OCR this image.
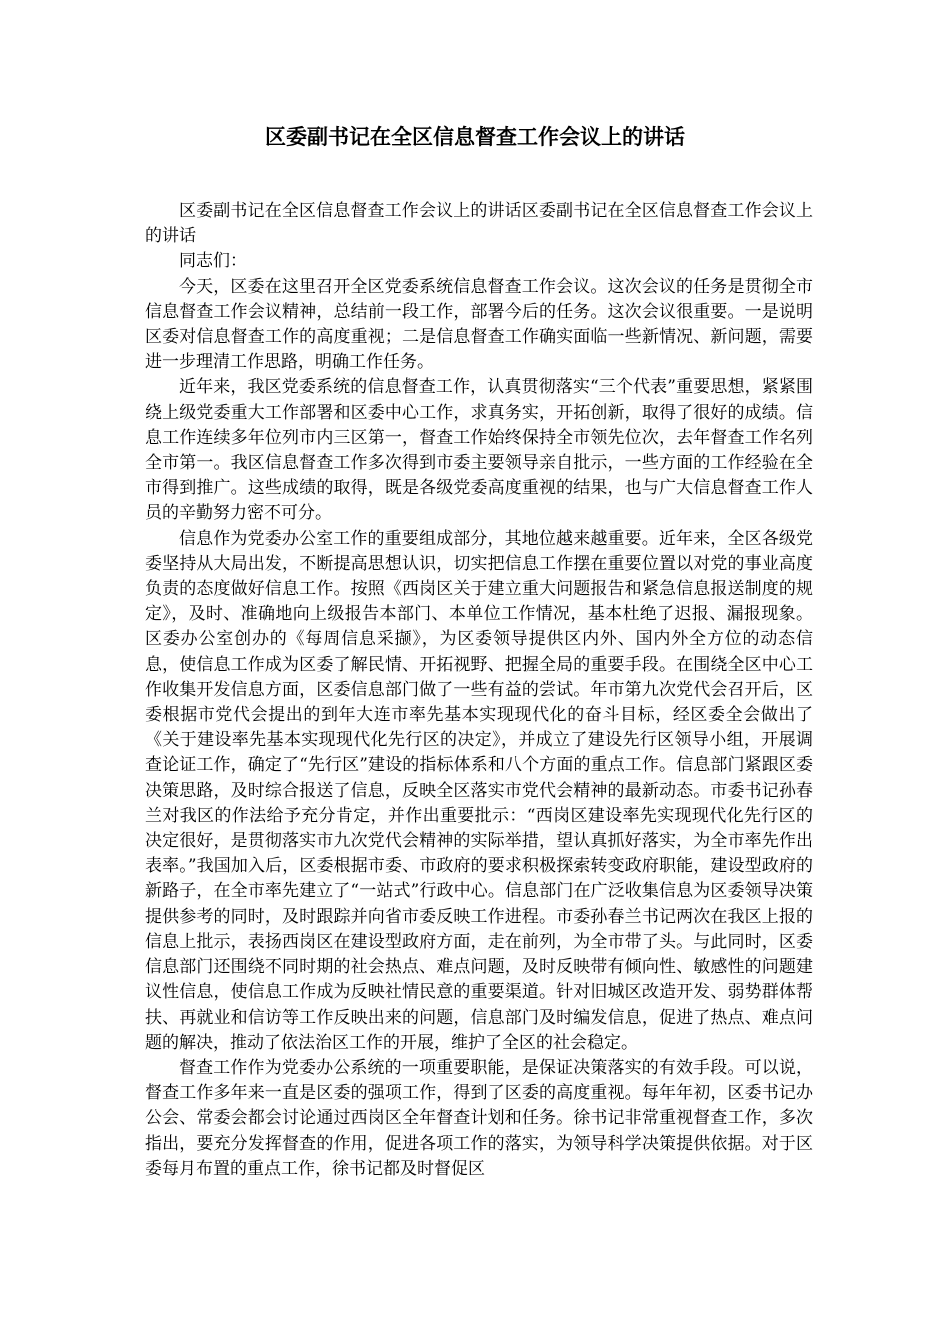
区委副书记在全区信息督查工作会议上的讲话

区委副书记在全区信息督查工作会议上的讲话区委副书记在全区信息督查工作会议上的讲话

同志们：

今天，区委在这里召开全区党委系统信息督查工作会议。这次会议的任务是贯彻全市信息督查工作会议精神，总结前一段工作，部署今后的任务。这次会议很重要。一是说明区委对信息督查工作的高度重视；二是信息督查工作确实面临一些新情况、新问题，需要进一步理清工作思路，明确工作任务。

近年来，我区党委系统的信息督查工作，认真贯彻落实“三个代表”重要思想，紧紧围绕上级党委重大工作部署和区委中心工作，求真务实，开拓创新，取得了很好的成绩。信息工作连续多年位列市内三区第一，督查工作始终保持全市领先位次，去年督查工作名列全市第一。我区信息督查工作多次得到市委主要领导亲自批示，一些方面的工作经验在全市得到推广。这些成绩的取得，既是各级党委高度重视的结果，也与广大信息督查工作人员的辛勤努力密不可分。

信息作为党委办公室工作的重要组成部分，其地位越来越重要。近年来，全区各级党委坚持从大局出发，不断提高思想认识，切实把信息工作摆在重要位置以对党的事业高度负责的态度做好信息工作。按照《西岗区关于建立重大问题报告和紧急信息报送制度的规定》，及时、准确地向上级报告本部门、本单位工作情况，基本杜绝了迟报、漏报现象。区委办公室创办的《每周信息采撷》，为区委领导提供区内外、国内外全方位的动态信息，使信息工作成为区委了解民情、开拓视野、把握全局的重要手段。在围绕全区中心工作收集开发信息方面，区委信息部门做了一些有益的尝试。年市第九次党代会召开后，区委根据市党代会提出的到年大连市率先基本实现现代化的奋斗目标，经区委全会做出了《关于建设率先基本实现现代化先行区的决定》，并成立了建设先行区领导小组，开展调查论证工作，确定了“先行区”建设的指标体系和八个方面的重点工作。信息部门紧跟区委决策思路，及时综合报送了信息，反映全区落实市党代会精神的最新动态。市委书记孙春兰对我区的作法给予充分肯定，并作出重要批示：“西岗区建设率先实现现代化先行区的决定很好，是贯彻落实市九次党代会精神的实际举措，望认真抓好落实，为全市率先作出表率。”我国加入后，区委根据市委、市政府的要求积极探索转变政府职能，建设型政府的新路子，在全市率先建立了“一站式”行政中心。信息部门在广泛收集信息为区委领导决策提供参考的同时，及时跟踪并向省市委反映工作进程。市委孙春兰书记两次在我区上报的信息上批示，表扬西岗区在建设型政府方面，走在前列，为全市带了头。与此同时，区委信息部门还围绕不同时期的社会热点、难点问题，及时反映带有倾向性、敏感性的问题建议性信息，使信息工作成为反映社情民意的重要渠道。针对旧城区改造开发、弱势群体帮扶、再就业和信访等工作反映出来的问题，信息部门及时编发信息，促进了热点、难点问题的解决，推动了依法治区工作的开展，维护了全区的社会稳定。

督查工作作为党委办公系统的一项重要职能，是保证决策落实的有效手段。可以说，督查工作多年来一直是区委的强项工作，得到了区委的高度重视。每年年初，区委书记办公会、常委会都会讨论通过西岗区全年督查计划和任务。徐书记非常重视督查工作，多次指出，要充分发挥督查的作用，促进各项工作的落实，为领导科学决策提供依据。对于区委每月布置的重点工作，徐书记都及时督促区
